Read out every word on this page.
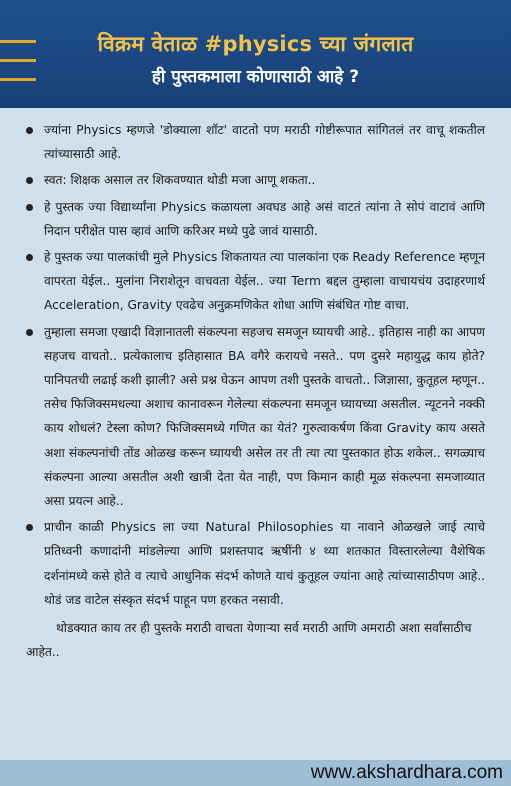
विक्रम वेताळ #physics च्या जंगलात
ही पुस्तकमाला कोणासाठी आहे ?
ज्यांना Physics म्हणजे 'डोक्याला शॉट' वाटतो पण मराठी गोष्टीरूपात सांगितलं तर वाचू शकतील त्यांच्यासाठी आहे.
स्वत: शिक्षक असाल तर शिकवण्यात थोडी मजा आणू शकता..
हे पुस्तक ज्या विद्यार्थ्यांना Physics कळायला अवघड आहे असं वाटतं त्यांना ते सोपं वाटावं आणि निदान परीक्षेत पास व्हावं आणि करिअर मध्ये पुढे जावं यासाठी.
हे पुस्तक ज्या पालकांची मुले Physics शिकतायत त्या पालकांना एक Ready Reference म्हणून वापरता येईल.. मुलांना निराशेतून वाचवता येईल.. ज्या Term बद्दल तुम्हाला वाचायचंय उदाहरणार्थ Acceleration, Gravity एवढेच अनुक्रमणिकेत शोधा आणि संबंधित गोष्ट वाचा.
तुम्हाला समजा एखादी विज्ञानातली संकल्पना सहजच समजून घ्यायची आहे.. इतिहास नाही का आपण सहजच वाचतो.. प्रत्येकालाच इतिहासात BA वगैरे करायचे नसते.. पण दुसरे महायुद्ध काय होते? पानिपतची लढाई कशी झाली? असे प्रश्न घेऊन आपण तशी पुस्तके वाचतो.. जिज्ञासा, कुतूहल म्हणून.. तसेच फिजिक्समधल्या अशाच कानावरून गेलेल्या संकल्पना समजून घ्यायच्या असतील. न्यूटनने नक्की काय शोधलं? टेस्ला कोण? फिजिक्समध्ये गणित का येतं? गुरुत्वाकर्षण किंवा Gravity काय असते अशा संकल्पनांची तोंड ओळख करून घ्यायची असेल तर ती त्या त्या पुस्तकात होऊ शकेल.. सगळ्याच संकल्पना आल्या असतील अशी खात्री देता येत नाही, पण किमान काही मूळ संकल्पना समजाव्यात असा प्रयत्न आहे..
प्राचीन काळी Physics ला ज्या Natural Philosophies या नावाने ओळखले जाई त्याचे प्रतिध्वनी कणादांनी मांडलेल्या आणि प्रशस्तपाद ऋषींनी ४ थ्या शतकात विस्तारलेल्या वैशेषिक दर्शनांमध्ये कसे होते व त्याचे आधुनिक संदर्भ कोणते याचं कुतूहल ज्यांना आहे त्यांच्यासाठीपण आहे.. थोडं जड वाटेल संस्कृत संदर्भ पाहून पण हरकत नसावी.
थोडक्यात काय तर ही पुस्तके मराठी वाचता येणाऱ्या सर्व मराठी आणि अमराठी अशा सर्वांसाठीच आहेत..
www.akshardhara.com
